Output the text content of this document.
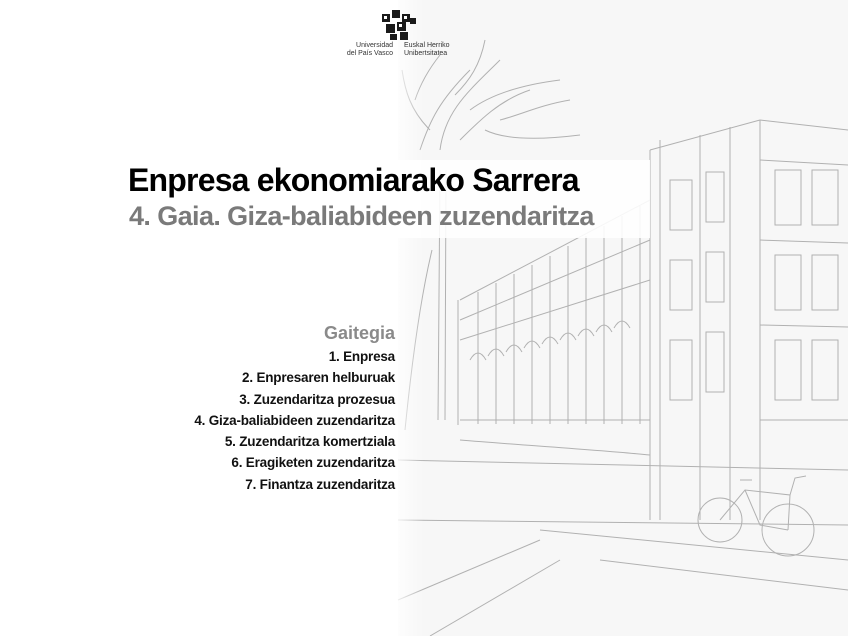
Universidad
del País Vasco
Euskal Herriko
Unibertsitatea
Enpresa ekonomiarako Sarrera
4. Gaia. Giza-baliabideen zuzendaritza
Gaitegia
1. Enpresa
2. Enpresaren helburuak
3. Zuzendaritza prozesua
4. Giza-baliabideen zuzendaritza
5. Zuzendaritza komertziala
6. Eragiketen zuzendaritza
7. Finantza zuzendaritza
